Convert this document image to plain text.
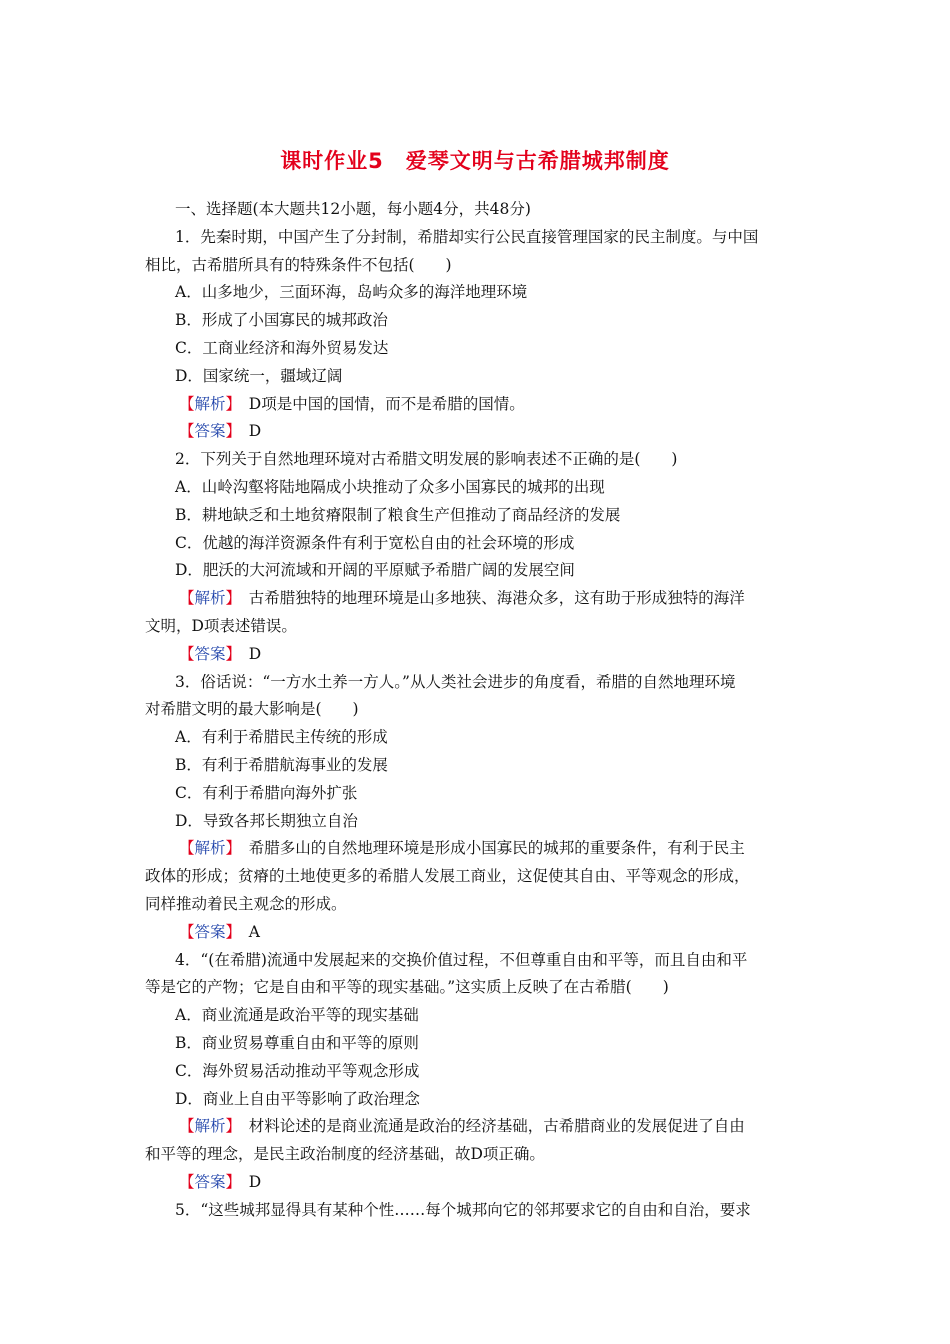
课时作业5　爱琴文明与古希腊城邦制度
一、选择题(本大题共12小题，每小题4分，共48分)
1．先秦时期，中国产生了分封制，希腊却实行公民直接管理国家的民主制度。与中国
相比，古希腊所具有的特殊条件不包括(　　)
A．山多地少，三面环海，岛屿众多的海洋地理环境
B．形成了小国寡民的城邦政治
C．工商业经济和海外贸易发达
D．国家统一，疆域辽阔
【解析】　D项是中国的国情，而不是希腊的国情。
【答案】　D
2．下列关于自然地理环境对古希腊文明发展的影响表述不正确的是(　　)
A．山岭沟壑将陆地隔成小块推动了众多小国寡民的城邦的出现
B．耕地缺乏和土地贫瘠限制了粮食生产但推动了商品经济的发展
C．优越的海洋资源条件有利于宽松自由的社会环境的形成
D．肥沃的大河流域和开阔的平原赋予希腊广阔的发展空间
【解析】　古希腊独特的地理环境是山多地狭、海港众多，这有助于形成独特的海洋
文明，D项表述错误。
【答案】　D
3．俗话说：“一方水土养一方人。”从人类社会进步的角度看，希腊的自然地理环境
对希腊文明的最大影响是(　　)
A．有利于希腊民主传统的形成
B．有利于希腊航海事业的发展
C．有利于希腊向海外扩张
D．导致各邦长期独立自治
【解析】　希腊多山的自然地理环境是形成小国寡民的城邦的重要条件，有利于民主
政体的形成；贫瘠的土地使更多的希腊人发展工商业，这促使其自由、平等观念的形成，
同样推动着民主观念的形成。
【答案】　A
4．“(在希腊)流通中发展起来的交换价值过程，不但尊重自由和平等，而且自由和平
等是它的产物；它是自由和平等的现实基础。”这实质上反映了在古希腊(　　)
A．商业流通是政治平等的现实基础
B．商业贸易尊重自由和平等的原则
C．海外贸易活动推动平等观念形成
D．商业上自由平等影响了政治理念
【解析】　材料论述的是商业流通是政治的经济基础，古希腊商业的发展促进了自由
和平等的理念，是民主政治制度的经济基础，故D项正确。
【答案】　D
5．“这些城邦显得具有某种个性……每个城邦向它的邻邦要求它的自由和自治，要求
